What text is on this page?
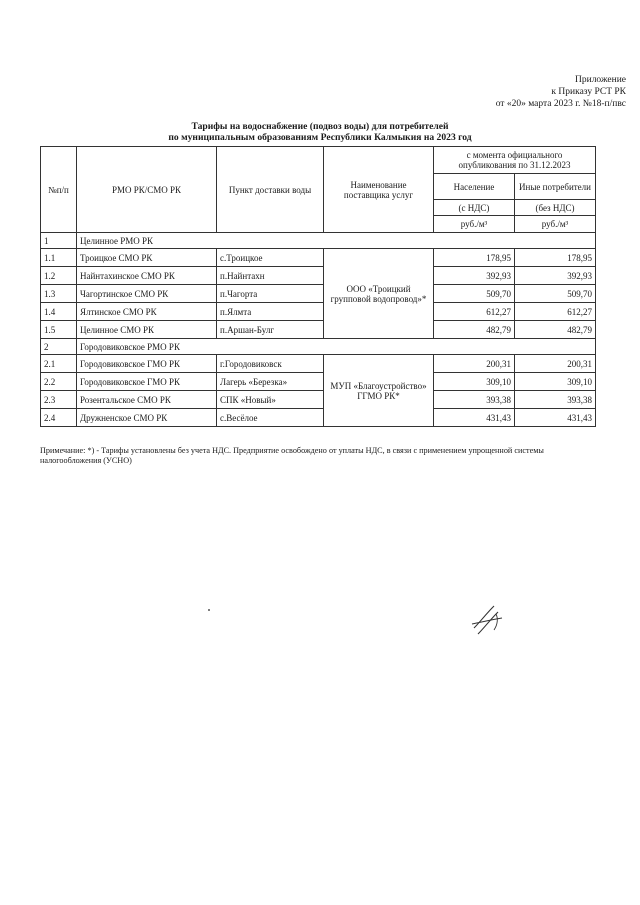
Приложение
к Приказу РСТ РК
от «20» марта 2023 г. №18-п/пвс
Тарифы на водоснабжение (подвоз воды) для потребителей
по муниципальным образованиям Республики Калмыкия на 2023 год
№п/п	РМО РК/СМО РК	Пункт доставки воды	Наименование поставщика услуг	с момента официального опубликования по 31.12.2023	
				Население	Иные потребители
				(с НДС)	(без НДС)
				руб./м³	руб./м³
1	Целинное РМО РК				
1.1	Троицкое СМО РК	с.Троицкое	ООО «Троицкий групповой водопровод»*	178,95	178,95
1.2	Найнтахинское СМО РК	п.Найнтахн		392,93	392,93
1.3	Чагортинское СМО РК	п.Чагорта		509,70	509,70
1.4	Ялтинское СМО РК	п.Ялмта		612,27	612,27
1.5	Целинное СМО РК	п.Аршан-Булг		482,79	482,79
2	Городовиковское РМО РК				
2.1	Городовиковское ГМО РК	г.Городовиковск	МУП «Благоустройство» ГГМО РК*	200,31	200,31
2.2	Городовиковское ГМО РК	Лагерь «Березка»		309,10	309,10
2.3	Розентальское СМО РК	СПК «Новый»		393,38	393,38
2.4	Дружненское СМО РК	с.Весёлое		431,43	431,43
Примечание: *) - Тарифы установлены без учета НДС. Предприятие освобождено от уплаты НДС, в связи с применением упрощенной системы налогообложения (УСНО)
